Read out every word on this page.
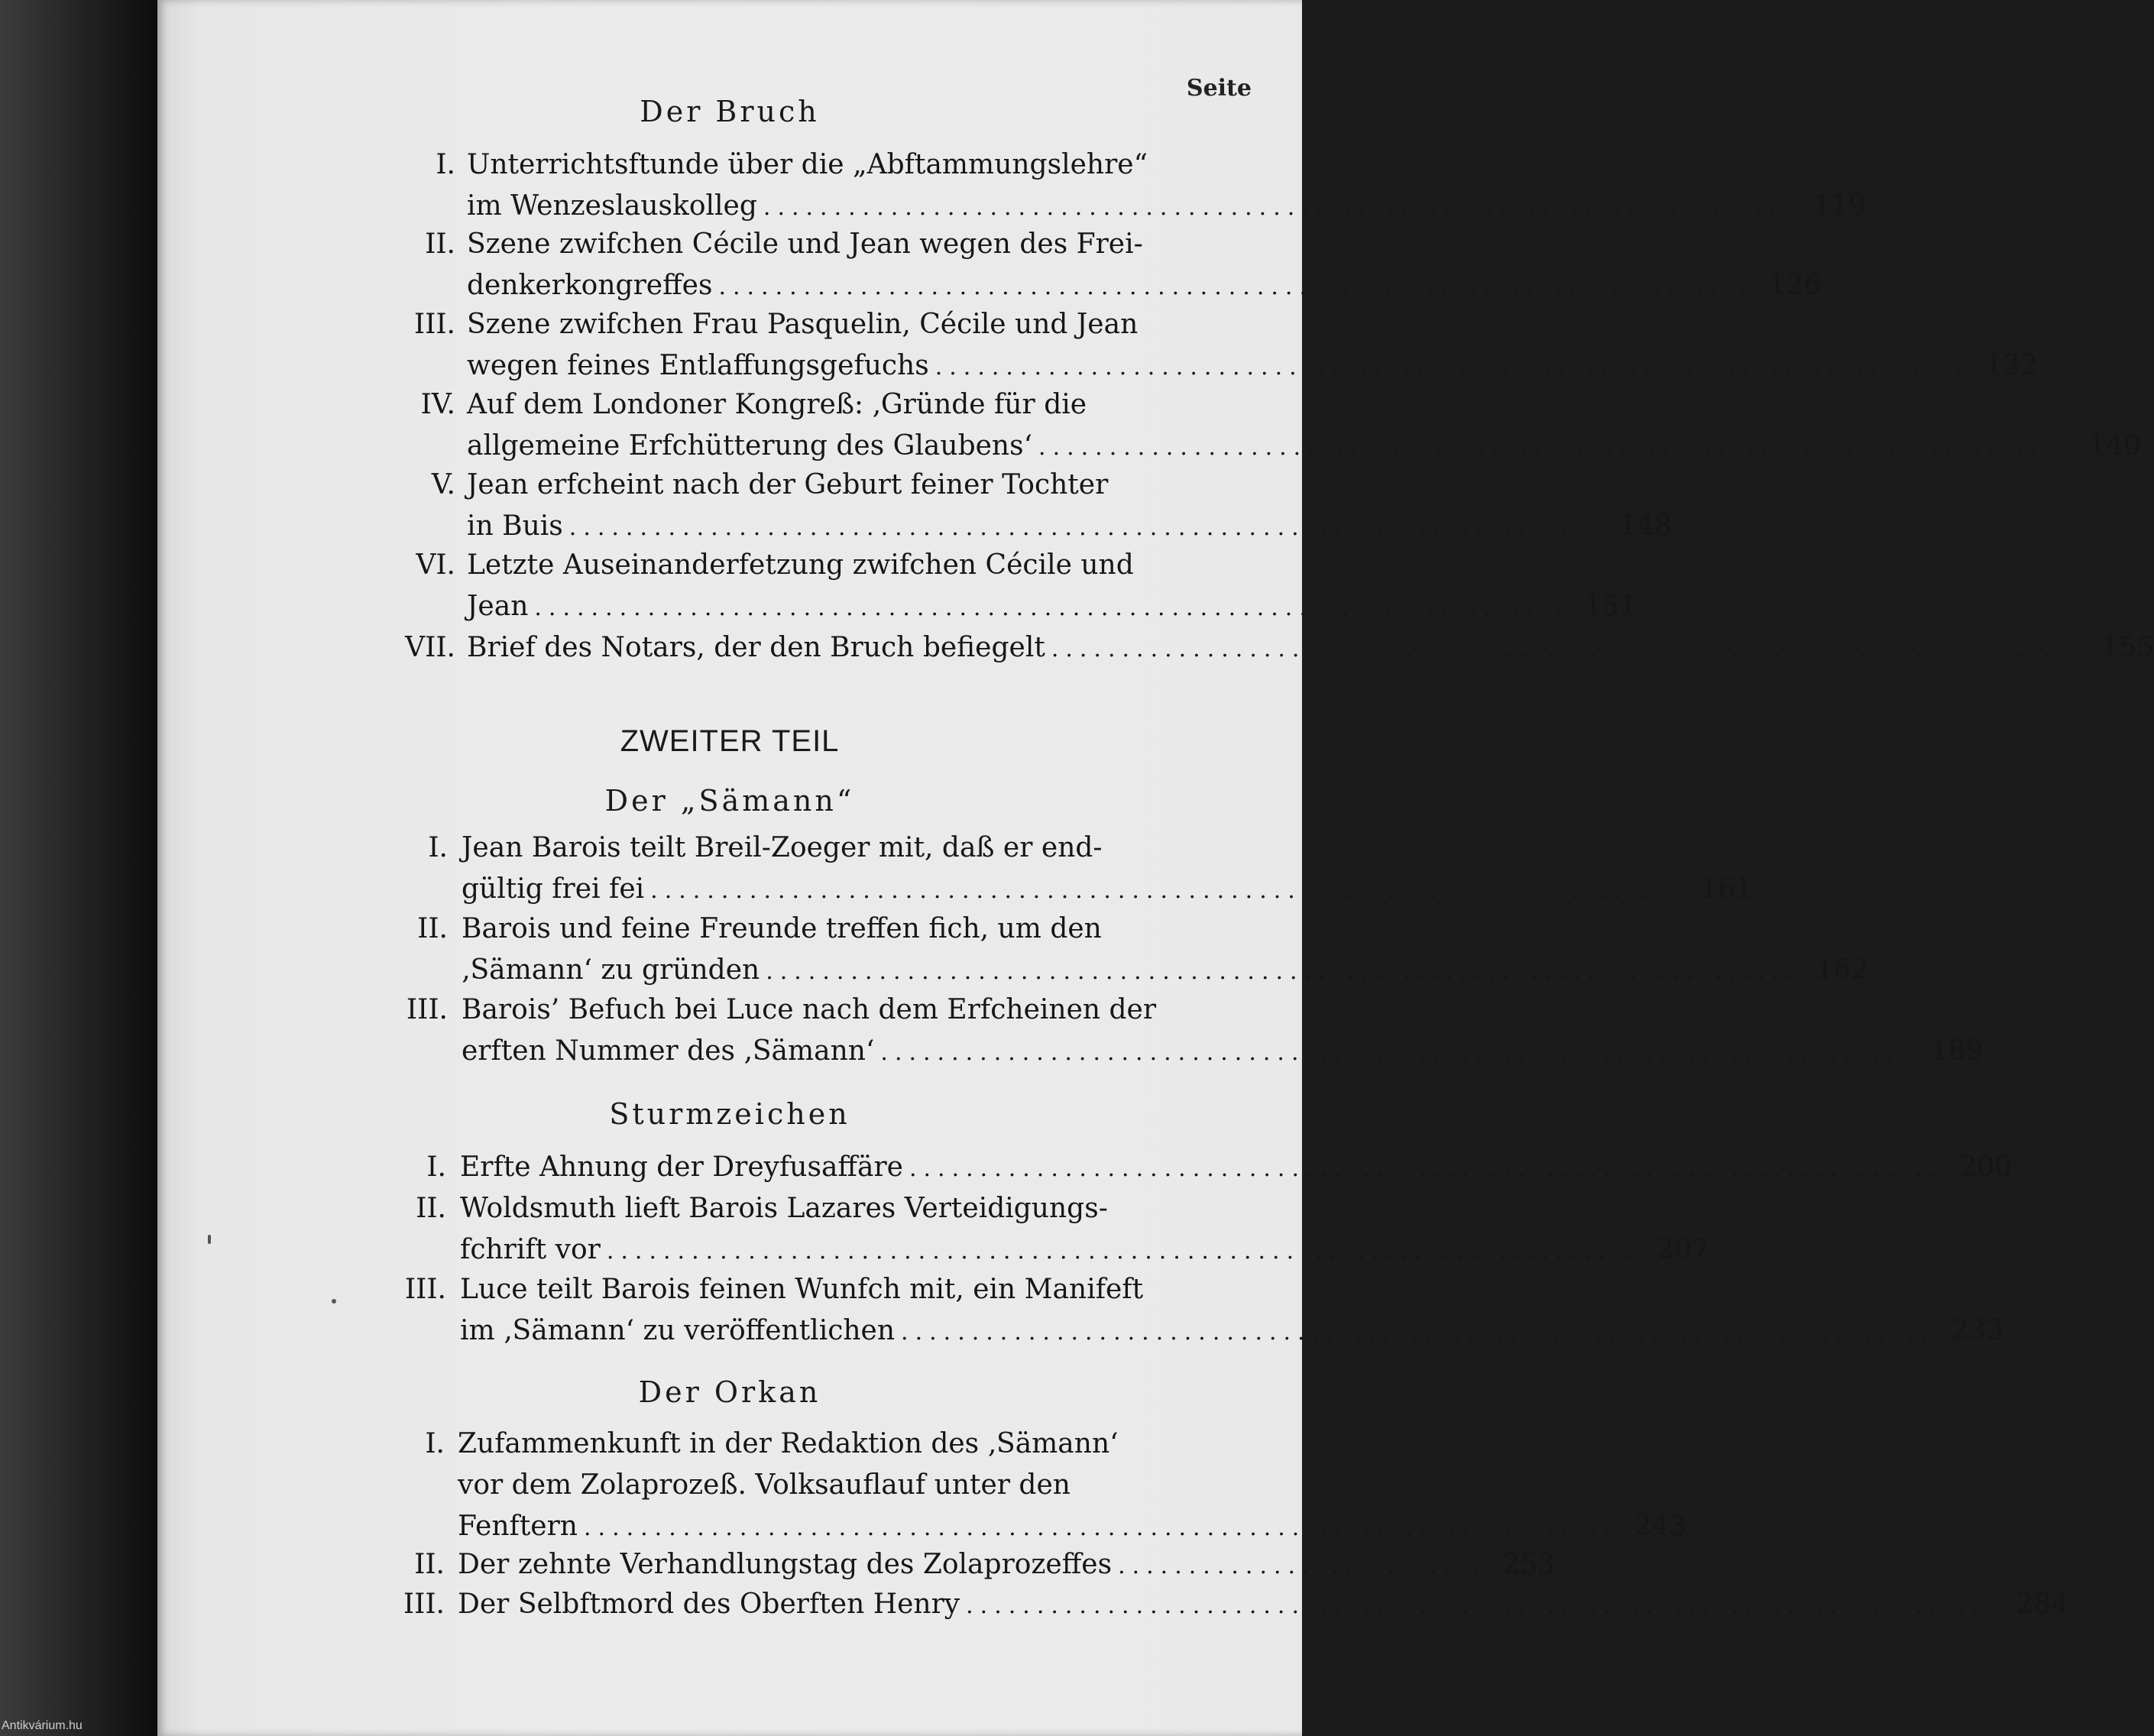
Seite
Der Bruch
I. Unterrichtsftunde über die „Abftammungslehre“
im Wenzeslauskolleg ......................................................................... 119
II. Szene zwifchen Cécile und Jean wegen des Frei-
denkerkongreffes ......................................................................... 126
III. Szene zwifchen Frau Pasquelin, Cécile und Jean
wegen feines Entlaffungsgefuchs ......................................................................... 132
IV. Auf dem Londoner Kongreß: ‚Gründe für die
allgemeine Erfchütterung des Glaubens‘ ......................................................................... 140
V. Jean erfcheint nach der Geburt feiner Tochter
in Buis ......................................................................... 148
VI. Letzte Auseinanderfetzung zwifchen Cécile und
Jean ......................................................................... 151
VII. Brief des Notars, der den Bruch befiegelt ......................................................................... 155
ZWEITER TEIL
Der „Sämann“
I. Jean Barois teilt Breil-Zoeger mit, daß er end-
gültig frei fei ......................................................................... 161
II. Barois und feine Freunde treffen fich, um den
‚Sämann‘ zu gründen ......................................................................... 162
III. Barois’ Befuch bei Luce nach dem Erfcheinen der
erften Nummer des ‚Sämann‘ ......................................................................... 189
Sturmzeichen
I. Erfte Ahnung der Dreyfusaffäre ......................................................................... 200
II. Woldsmuth lieft Barois Lazares Verteidigungs-
fchrift vor ......................................................................... 207
III. Luce teilt Barois feinen Wunfch mit, ein Manifeft
im ‚Sämann‘ zu veröffentlichen ......................................................................... 233
Der Orkan
I. Zufammenkunft in der Redaktion des ‚Sämann‘
vor dem Zolaprozeß. Volksauflauf unter den
Fenftern ......................................................................... 243
II. Der zehnte Verhandlungstag des Zolaprozeffes .......................... 253
III. Der Selbftmord des Oberften Henry ......................................................................... 284
Antikvárium.hu
